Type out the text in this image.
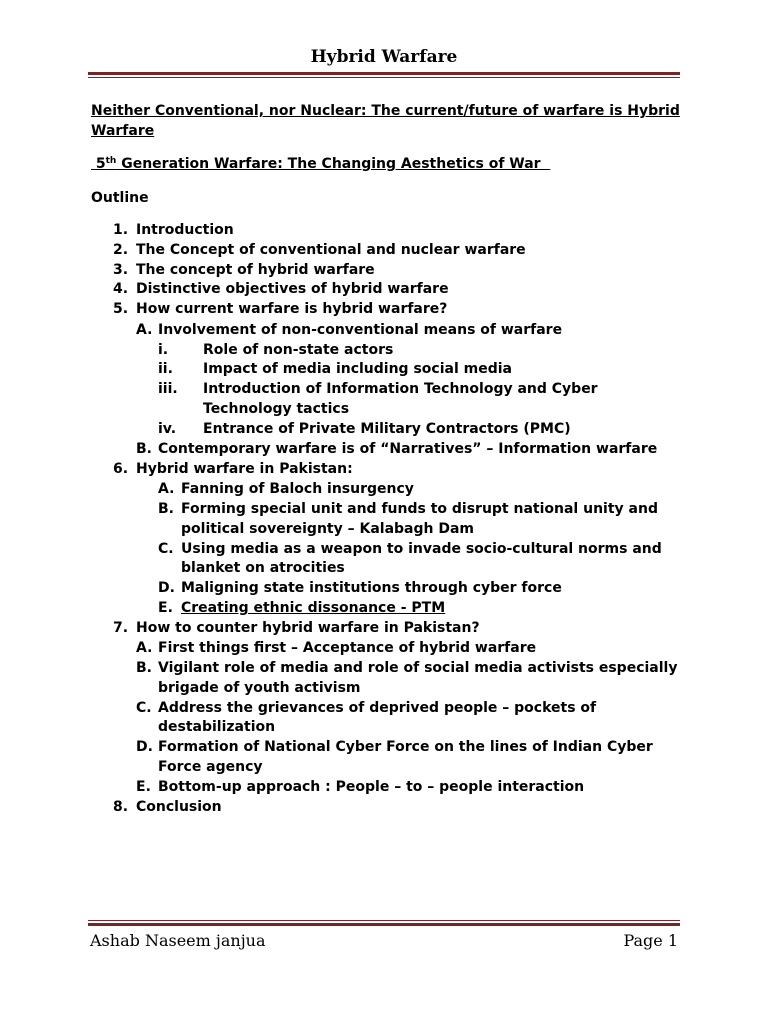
Hybrid Warfare
Neither Conventional, nor Nuclear: The current/future of warfare is Hybrid Warfare
5th Generation Warfare: The Changing Aesthetics of War
Outline
1. Introduction
2. The Concept of conventional and nuclear warfare
3. The concept of hybrid warfare
4. Distinctive objectives of hybrid warfare
5. How current warfare is hybrid warfare?
A. Involvement of non-conventional means of warfare
i. Role of non-state actors
ii. Impact of media including social media
iii. Introduction of Information Technology and Cyber
Technology tactics
iv. Entrance of Private Military Contractors (PMC)
B. Contemporary warfare is of “Narratives” – Information warfare
6. Hybrid warfare in Pakistan:
A. Fanning of Baloch insurgency
B. Forming special unit and funds to disrupt national unity and
political sovereignty – Kalabagh Dam
C. Using media as a weapon to invade socio-cultural norms and
blanket on atrocities
D. Maligning state institutions through cyber force
E. Creating ethnic dissonance - PTM
7. How to counter hybrid warfare in Pakistan?
A. First things first – Acceptance of hybrid warfare
B. Vigilant role of media and role of social media activists especially
brigade of youth activism
C. Address the grievances of deprived people – pockets of
destabilization
D. Formation of National Cyber Force on the lines of Indian Cyber
Force agency
E. Bottom-up approach : People – to – people interaction
8. Conclusion
Ashab Naseem janjua	Page 1
